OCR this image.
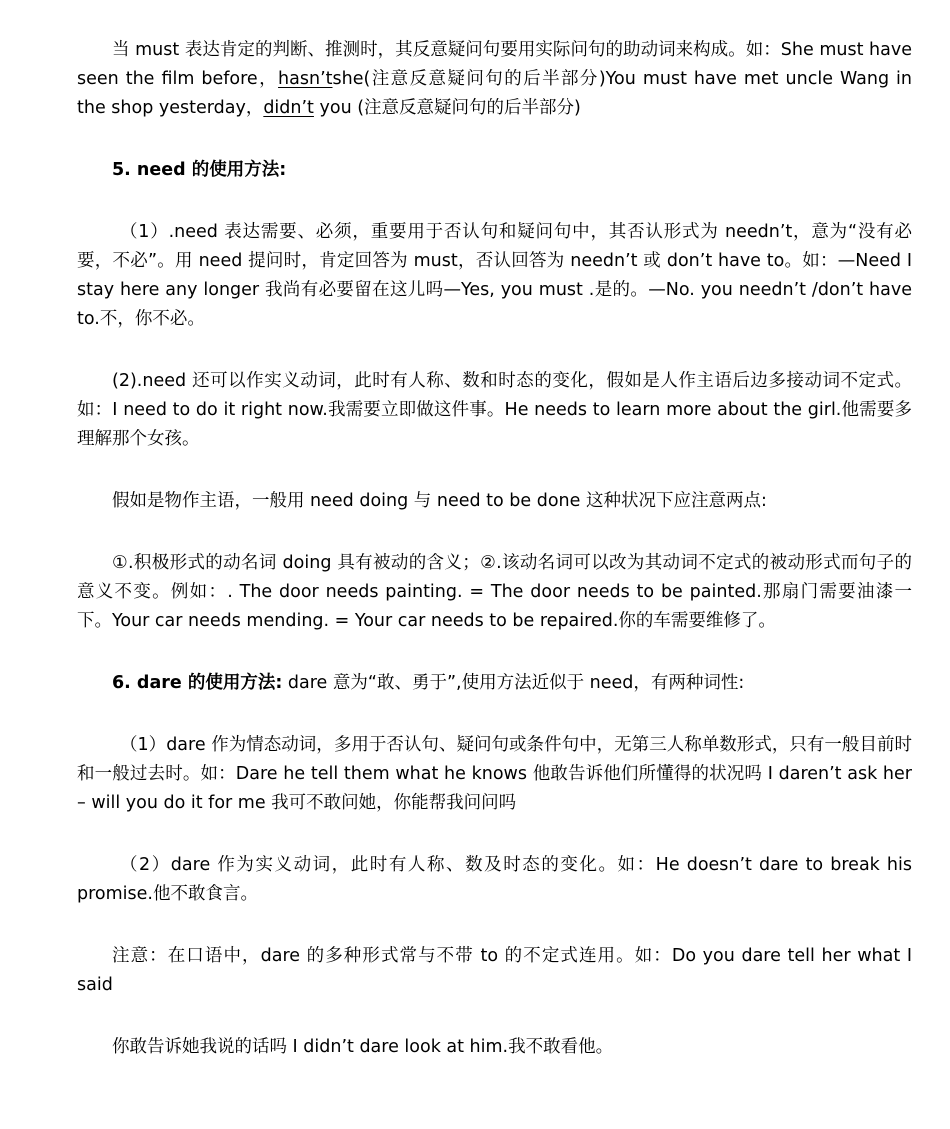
当 must 表达肯定的判断、推测时，其反意疑问句要用实际问句的助动词来构成。如：She must have seen the film before，hasn’tshe(注意反意疑问句的后半部分)You must have met uncle Wang in the shop yesterday，didn’t you (注意反意疑问句的后半部分)

5. need 的使用方法:

（1）.need 表达需要、必须，重要用于否认句和疑问句中，其否认形式为 needn’t，意为“没有必要，不必”。用 need 提问时，肯定回答为 must，否认回答为 needn’t 或 don’t have to。如：—Need I stay here any longer 我尚有必要留在这儿吗—Yes, you must .是的。—No. you needn’t /don’t have to.不，你不必。

(2).need 还可以作实义动词，此时有人称、数和时态的变化，假如是人作主语后边多接动词不定式。如：I need to do it right now.我需要立即做这件事。He needs to learn more about the girl.他需要多理解那个女孩。

假如是物作主语，一般用 need doing 与 need to be done 这种状况下应注意两点:

①.积极形式的动名词 doing 具有被动的含义；②.该动名词可以改为其动词不定式的被动形式而句子的意义不变。例如：. The door needs painting. = The door needs to be painted.那扇门需要油漆一下。Your car needs mending. = Your car needs to be repaired.你的车需要维修了。

6. dare 的使用方法: dare 意为“敢、勇于”,使用方法近似于 need，有两种词性:

（1）dare 作为情态动词，多用于否认句、疑问句或条件句中，无第三人称单数形式，只有一般目前时和一般过去时。如：Dare he tell them what he knows 他敢告诉他们所懂得的状况吗 I daren’t ask her – will you do it for me 我可不敢问她，你能帮我问问吗

（2）dare 作为实义动词，此时有人称、数及时态的变化。如：He doesn’t dare to break his promise.他不敢食言。

注意：在口语中，dare 的多种形式常与不带 to 的不定式连用。如：Do you dare tell her what I said

你敢告诉她我说的话吗 I didn’t dare look at him.我不敢看他。
